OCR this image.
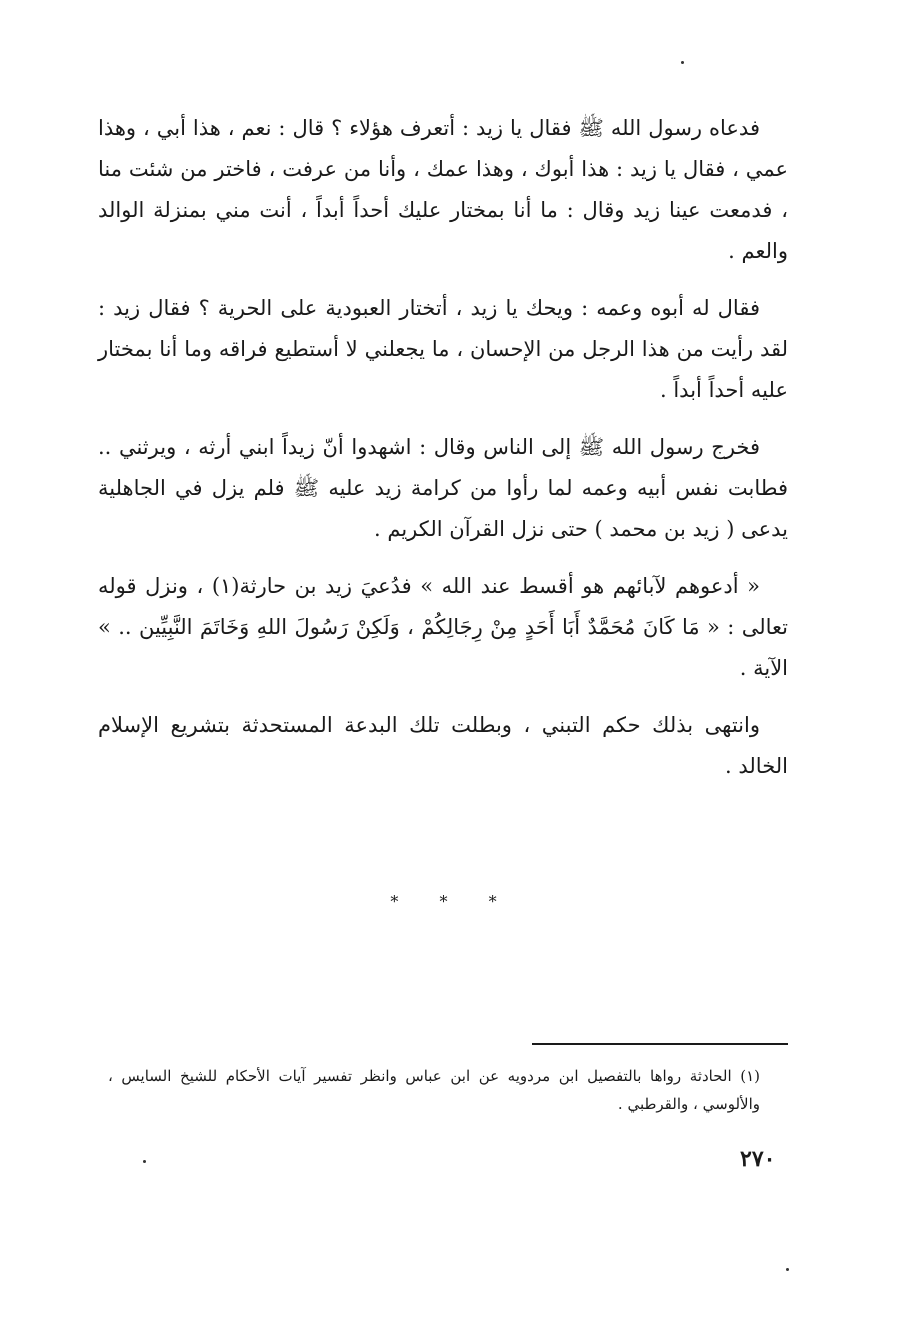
فدعاه رسول الله ﷺ فقال يا زيد : أتعرف هؤلاء ؟ قال : نعم ، هذا أبي ، وهذا عمي ، فقال يا زيد : هذا أبوك ، وهذا عمك ، وأنا من عرفت ، فاختر من شئت منا ، فدمعت عينا زيد وقال : ما أنا بمختار عليك أحداً أبداً ، أنت مني بمنزلة الوالد والعم .

فقال له أبوه وعمه : ويحك يا زيد ، أتختار العبودية على الحرية ؟ فقال زيد : لقد رأيت من هذا الرجل من الإحسان ، ما يجعلني لا أستطيع فراقه وما أنا بمختار عليه أحداً أبداً .

فخرج رسول الله ﷺ إلى الناس وقال : اشهدوا أنّ زيداً ابني أرثه ، ويرثني .. فطابت نفس أبيه وعمه لما رأوا من كرامة زيد عليه ﷺ فلم يزل في الجاهلية يدعى ( زيد بن محمد ) حتى نزل القرآن الكريم .

« أدعوهم لآبائهم هو أقسط عند الله » فدُعيَ زيد بن حارثة(١) ، ونزل قوله تعالى : « مَا كَانَ مُحَمَّدٌ أَبَا أَحَدٍ مِنْ رِجَالِكُمْ ، وَلَكِنْ رَسُولَ اللهِ وَخَاتَمَ النَّبِيِّين .. » الآية .

وانتهى بذلك حكم التبني ، وبطلت تلك البدعة المستحدثة بتشريع الإسلام الخالد .

* * *

(١) الحادثة رواها بالتفصيل ابن مردويه عن ابن عباس وانظر تفسير آيات الأحكام للشيخ السايس ، والألوسي ، والقرطبي .

٢٧٠
